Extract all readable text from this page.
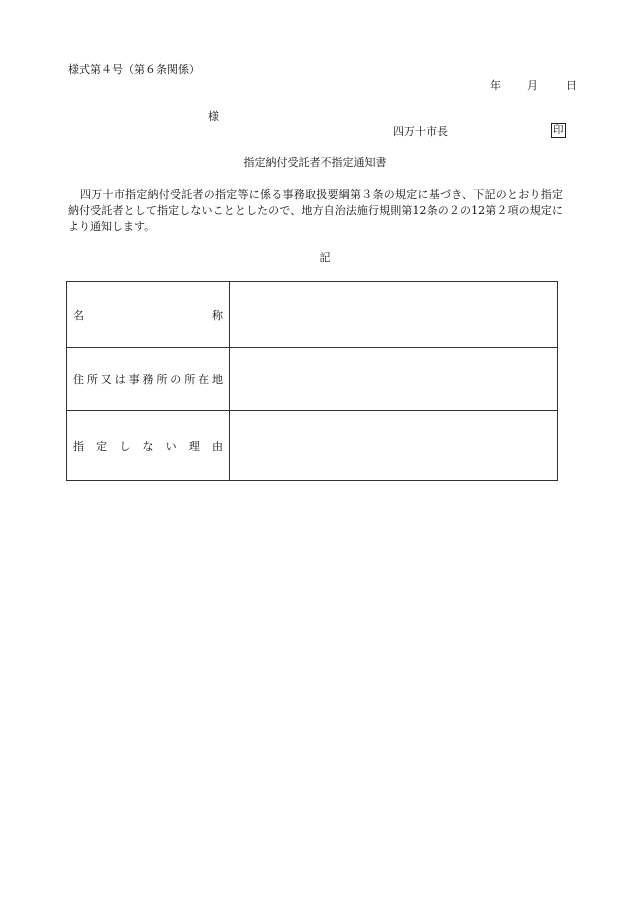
様式第４号（第６条関係）
年 月	日
様
四万十市長	印
指定納付受託者不指定通知書
四万十市指定納付受託者の指定等に係る事務取扱要綱第３条の規定に基づき、下記のとおり指定納付受託者として指定しないこととしたので、地方自治法施行規則第12条の２の12第２項の規定により通知します。
記
名称	

住所又は事務所の所在地	

指定しない理由	
